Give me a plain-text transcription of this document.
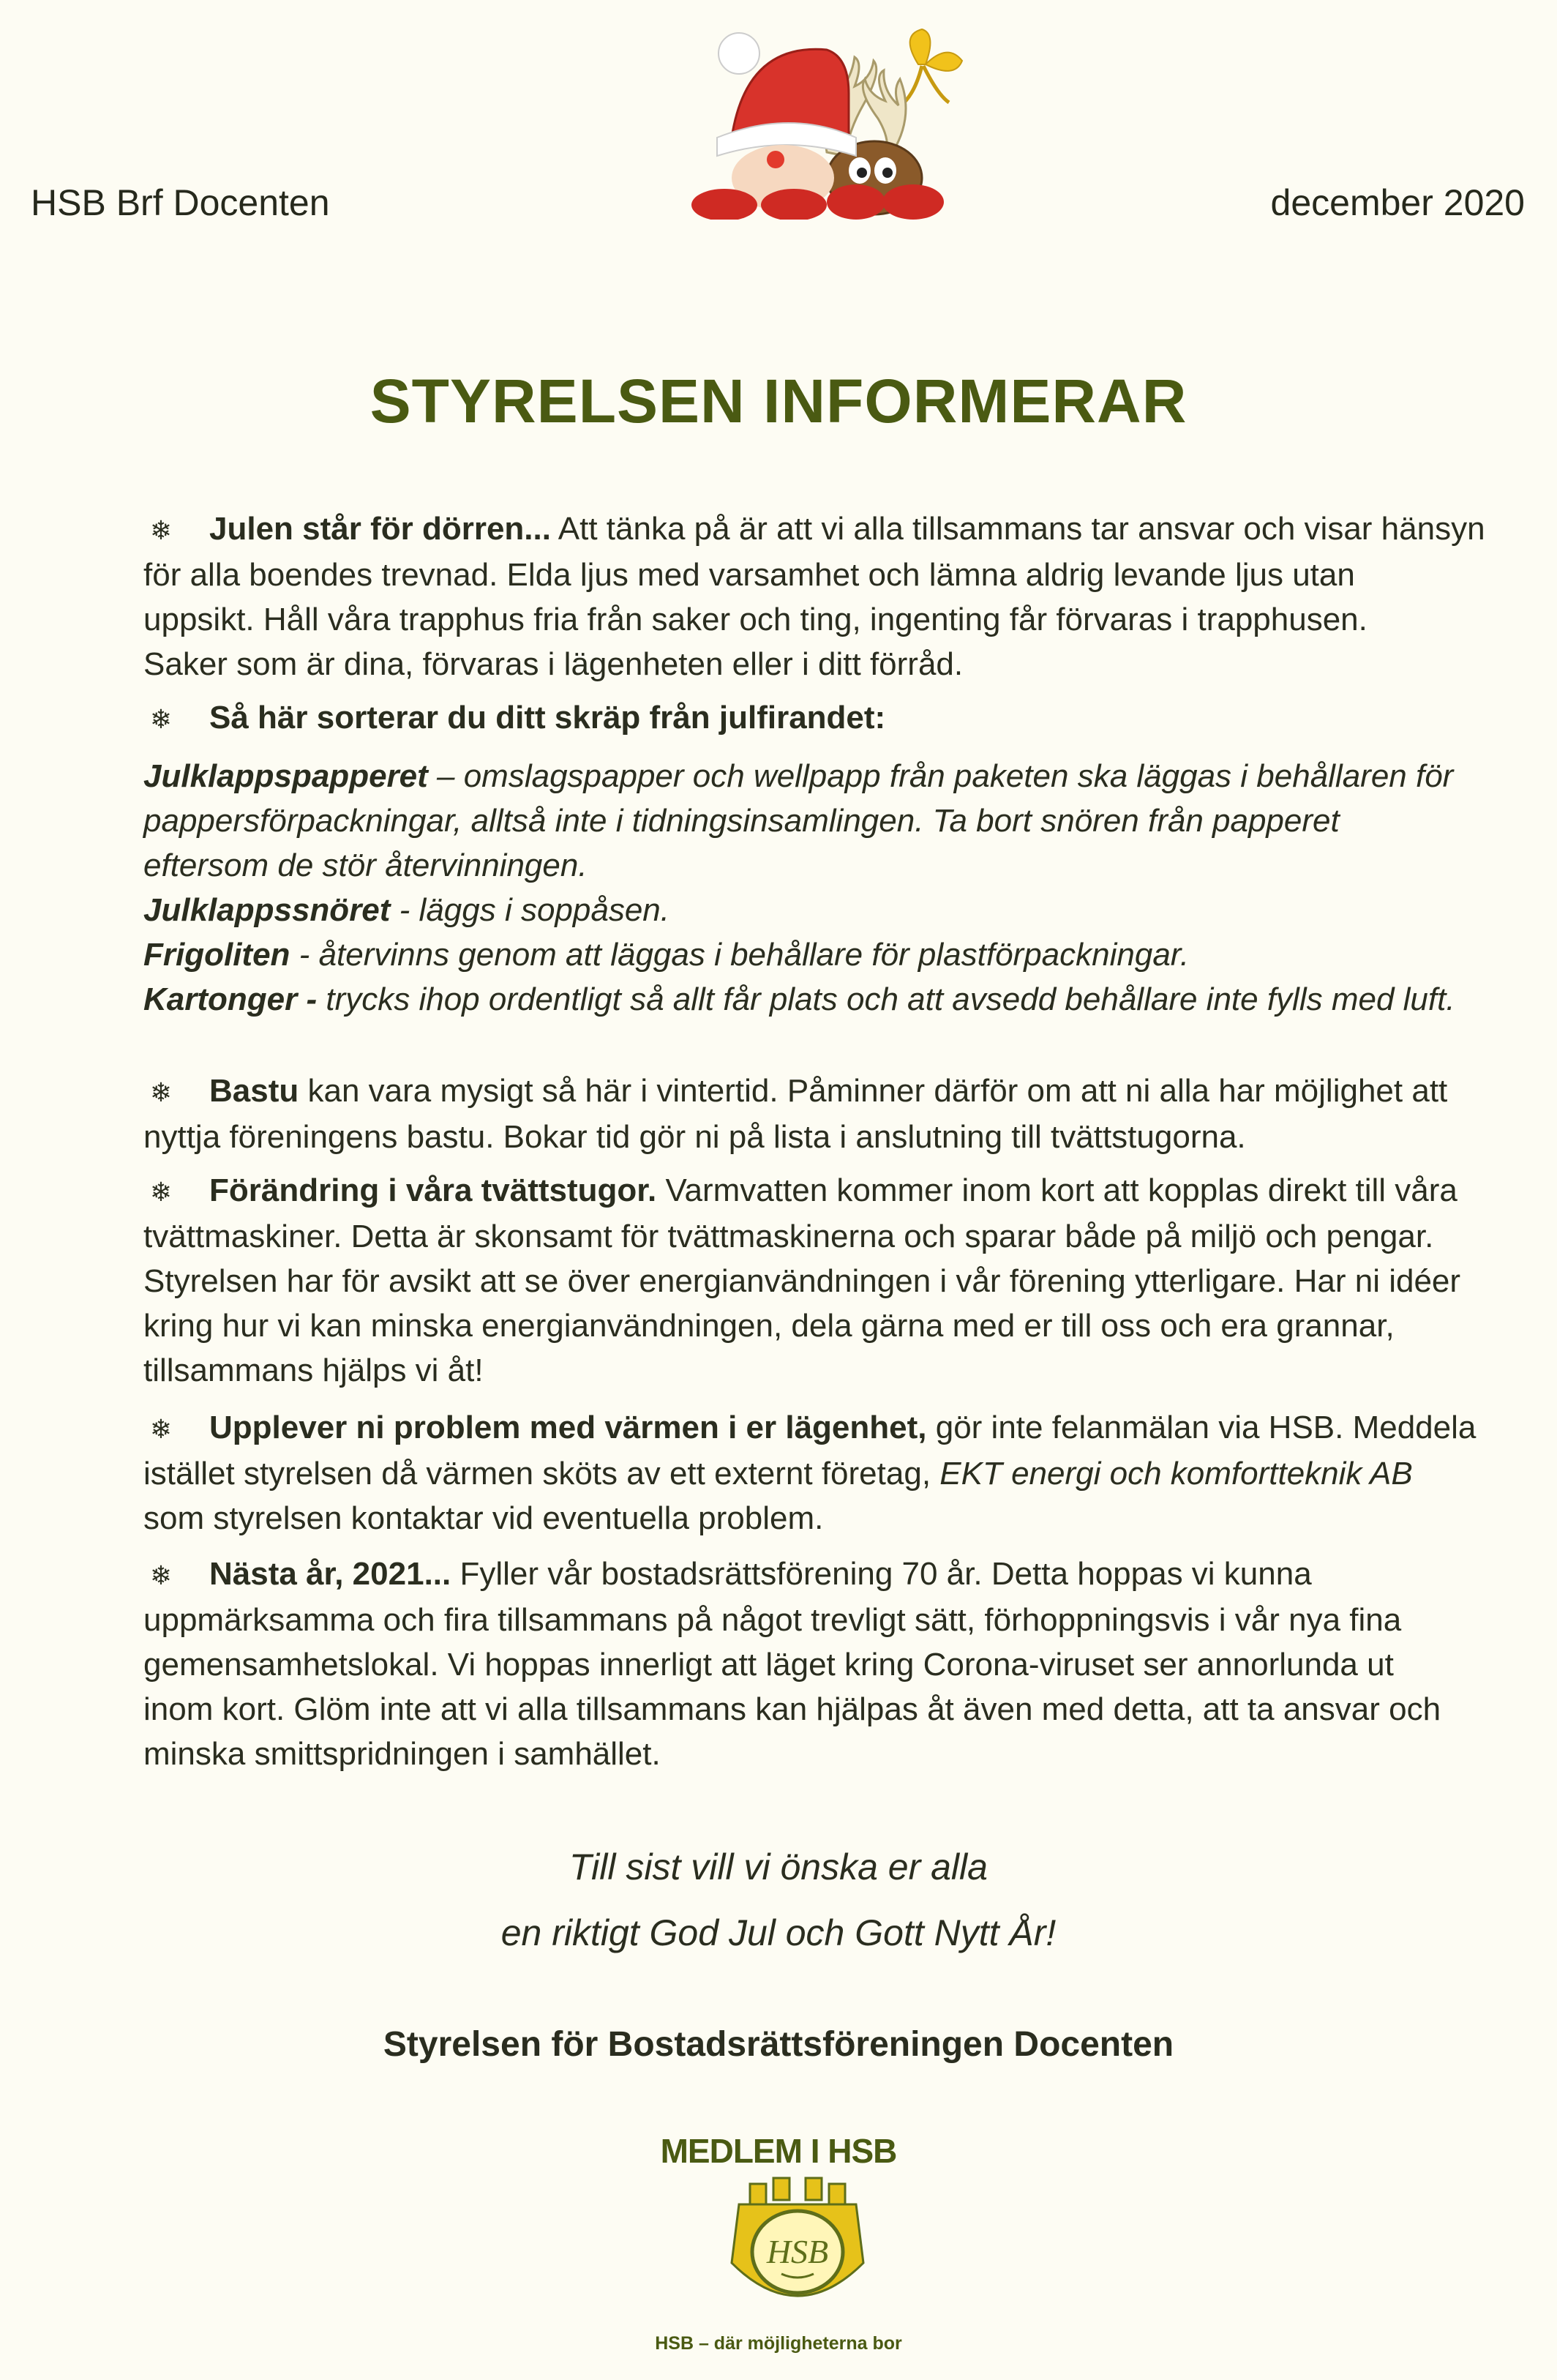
HSB Brf Docenten	december 2020
STYRELSEN INFORMERAR
❄ Julen står för dörren... Att tänka på är att vi alla tillsammans tar ansvar och visar hänsyn
för alla boendes trevnad. Elda ljus med varsamhet och lämna aldrig levande ljus utan
uppsikt. Håll våra trapphus fria från saker och ting, ingenting får förvaras i trapphusen.
Saker som är dina, förvaras i lägenheten eller i ditt förråd.
❄ Så här sorterar du ditt skräp från julfirandet:
Julklappspapperet – omslagspapper och wellpapp från paketen ska läggas i behållaren för
pappersförpackningar, alltså inte i tidningsinsamlingen. Ta bort snören från papperet
eftersom de stör återvinningen.
Julklappssnöret - läggs i soppåsen.
Frigoliten - återvinns genom att läggas i behållare för plastförpackningar.
Kartonger - trycks ihop ordentligt så allt får plats och att avsedd behållare inte fylls med luft.
❄ Bastu kan vara mysigt så här i vintertid. Påminner därför om att ni alla har möjlighet att
nyttja föreningens bastu. Bokar tid gör ni på lista i anslutning till tvättstugorna.
❄ Förändring i våra tvättstugor. Varmvatten kommer inom kort att kopplas direkt till våra
tvättmaskiner. Detta är skonsamt för tvättmaskinerna och sparar både på miljö och pengar.
Styrelsen har för avsikt att se över energianvändningen i vår förening ytterligare. Har ni idéer
kring hur vi kan minska energianvändningen, dela gärna med er till oss och era grannar,
tillsammans hjälps vi åt!
❄ Upplever ni problem med värmen i er lägenhet, gör inte felanmälan via HSB. Meddela
istället styrelsen då värmen sköts av ett externt företag, EKT energi och komfortteknik AB
som styrelsen kontaktar vid eventuella problem.
❄ Nästa år, 2021... Fyller vår bostadsrättsförening 70 år. Detta hoppas vi kunna
uppmärksamma och fira tillsammans på något trevligt sätt, förhoppningsvis i vår nya fina
gemensamhetslokal. Vi hoppas innerligt att läget kring Corona-viruset ser annorlunda ut
inom kort. Glöm inte att vi alla tillsammans kan hjälpas åt även med detta, att ta ansvar och
minska smittspridningen i samhället.
Till sist vill vi önska er alla
en riktigt God Jul och Gott Nytt År!
Styrelsen för Bostadsrättsföreningen Docenten
MEDLEM I HSB
HSB
HSB – där möjligheterna bor
